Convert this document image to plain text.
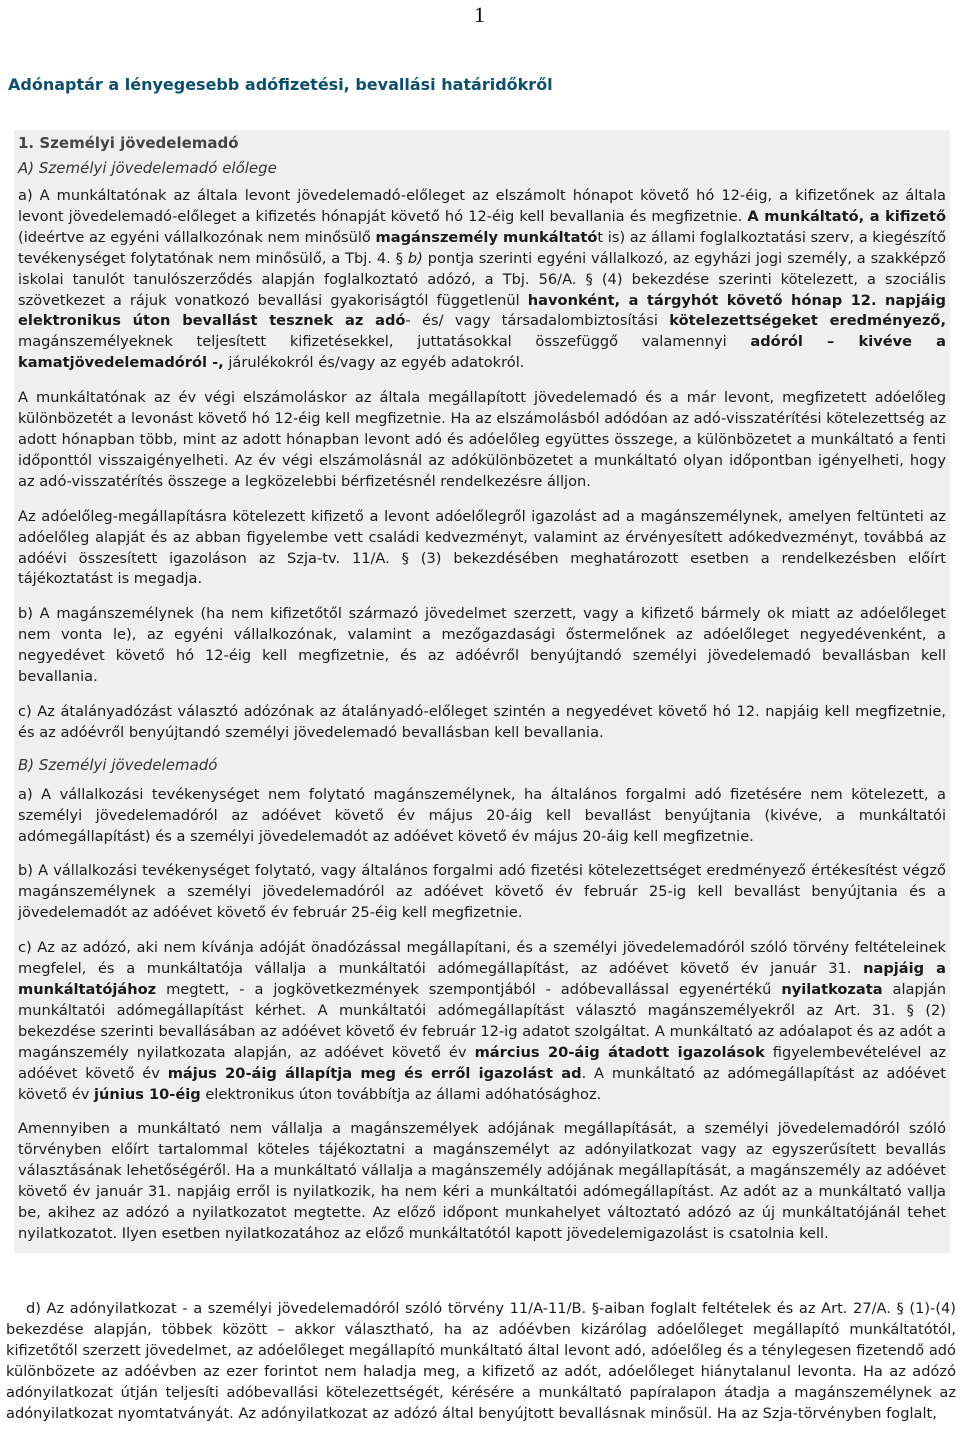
1
Adónaptár a lényegesebb adófizetési, bevallási határidőkről
1. Személyi jövedelemadó
A) Személyi jövedelemadó előlege

a) A munkáltatónak az általa levont jövedelemadó-előleget az elszámolt hónapot követő hó 12-éig, a kifizetőnek az általa levont jövedelemadó-előleget a kifizetés hónapját követő hó 12-éig kell bevallania és megfizetnie. A munkáltató, a kifizető (ideértve az egyéni vállalkozónak nem minősülő magánszemély munkáltatót is) az állami foglalkoztatási szerv, a kiegészítő tevékenységet folytatónak nem minősülő, a Tbj. 4. § b) pontja szerinti egyéni vállalkozó, az egyházi jogi személy, a szakképző iskolai tanulót tanulószerződés alapján foglalkoztató adózó, a Tbj. 56/A. § (4) bekezdése szerinti kötelezett, a szociális szövetkezet a rájuk vonatkozó bevallási gyakoriságtól függetlenül havonként, a tárgyhót követő hónap 12. napjáig elektronikus úton bevallást tesznek az adó- és/ vagy társadalombiztosítási kötelezettségeket eredményező, magánszemélyeknek teljesített kifizetésekkel, juttatásokkal összefüggő valamennyi adóról – kivéve a kamatjövedelemadóról -, járulékokról és/vagy az egyéb adatokról.

A munkáltatónak az év végi elszámoláskor az általa megállapított jövedelemadó és a már levont, megfizetett adóelőleg különbözetét a levonást követő hó 12-éig kell megfizetnie. Ha az elszámolásból adódóan az adó-visszatérítési kötelezettség az adott hónapban több, mint az adott hónapban levont adó és adóelőleg együttes összege, a különbözetet a munkáltató a fenti időponttól visszaigényelheti. Az év végi elszámolásnál az adókülönbözetet a munkáltató olyan időpontban igényelheti, hogy az adó-visszatérítés összege a legközelebbi bérfizetésnél rendelkezésre álljon.

Az adóelőleg-megállapításra kötelezett kifizető a levont adóelőlegről igazolást ad a magánszemélynek, amelyen feltünteti az adóelőleg alapját és az abban figyelembe vett családi kedvezményt, valamint az érvényesített adókedvezményt, továbbá az adóévi összesített igazoláson az Szja-tv. 11/A. § (3) bekezdésében meghatározott esetben a rendelkezésben előírt tájékoztatást is megadja.

b) A magánszemélynek (ha nem kifizetőtől származó jövedelmet szerzett, vagy a kifizető bármely ok miatt az adóelőleget nem vonta le), az egyéni vállalkozónak, valamint a mezőgazdasági őstermelőnek az adóelőleget negyedévenként, a negyedévet követő hó 12-éig kell megfizetnie, és az adóévről benyújtandó személyi jövedelemadó bevallásban kell bevallania.

c) Az átalányadózást választó adózónak az átalányadó-előleget szintén a negyedévet követő hó 12. napjáig kell megfizetnie, és az adóévről benyújtandó személyi jövedelemadó bevallásban kell bevallania.

B) Személyi jövedelemadó

a) A vállalkozási tevékenységet nem folytató magánszemélynek, ha általános forgalmi adó fizetésére nem kötelezett, a személyi jövedelemadóról az adóévet követő év május 20-áig kell bevallást benyújtania (kivéve, a munkáltatói adómegállapítást) és a személyi jövedelemadót az adóévet követő év május 20-áig kell megfizetnie.

b) A vállalkozási tevékenységet folytató, vagy általános forgalmi adó fizetési kötelezettséget eredményező értékesítést végző magánszemélynek a személyi jövedelemadóról az adóévet követő év február 25-ig kell bevallást benyújtania és a jövedelemadót az adóévet követő év február 25-éig kell megfizetnie.

c) Az az adózó, aki nem kívánja adóját önadózással megállapítani, és a személyi jövedelemadóról szóló törvény feltételeinek megfelel, és a munkáltatója vállalja a munkáltatói adómegállapítást, az adóévet követő év január 31. napjáig a munkáltatójához megtett, - a jogkövetkezmények szempontjából - adóbevallással egyenértékű nyilatkozata alapján munkáltatói adómegállapítást kérhet. A munkáltatói adómegállapítást választó magánszemélyekről az Art. 31. § (2) bekezdése szerinti bevallásában az adóévet követő év február 12-ig adatot szolgáltat. A munkáltató az adóalapot és az adót a magánszemély nyilatkozata alapján, az adóévet követő év március 20-áig átadott igazolások figyelembevételével az adóévet követő év május 20-áig állapítja meg és erről igazolást ad. A munkáltató az adómegállapítást az adóévet követő év június 10-éig elektronikus úton továbbítja az állami adóhatósághoz.

Amennyiben a munkáltató nem vállalja a magánszemélyek adójának megállapítását, a személyi jövedelemadóról szóló törvényben előírt tartalommal köteles tájékoztatni a magánszemélyt az adónyilatkozat vagy az egyszerűsített bevallás választásának lehetőségéről. Ha a munkáltató vállalja a magánszemély adójának megállapítását, a magánszemély az adóévet követő év január 31. napjáig erről is nyilatkozik, ha nem kéri a munkáltatói adómegállapítást. Az adót az a munkáltató vallja be, akihez az adózó a nyilatkozatot megtette. Az előző időpont munkahelyet változtató adózó az új munkáltatójánál tehet nyilatkozatot. Ilyen esetben nyilatkozatához az előző munkáltatótól kapott jövedelemigazolást is csatolnia kell.

d) Az adónyilatkozat - a személyi jövedelemadóról szóló törvény 11/A-11/B. §-aiban foglalt feltételek és az Art. 27/A. § (1)-(4) bekezdése alapján, többek között – akkor választható, ha az adóévben kizárólag adóelőleget megállapító munkáltatótól, kifizetőtől szerzett jövedelmet, az adóelőleget megállapító munkáltató által levont adó, adóelőleg és a ténylegesen fizetendő adó különbözete az adóévben az ezer forintot nem haladja meg, a kifizető az adót, adóelőleget hiánytalanul levonta. Ha az adózó adónyilatkozat útján teljesíti adóbevallási kötelezettségét, kérésére a munkáltató papíralapon átadja a magánszemélynek az adónyilatkozat nyomtatványát. Az adónyilatkozat az adózó által benyújtott bevallásnak minősül. Ha az Szja-törvényben foglalt,
